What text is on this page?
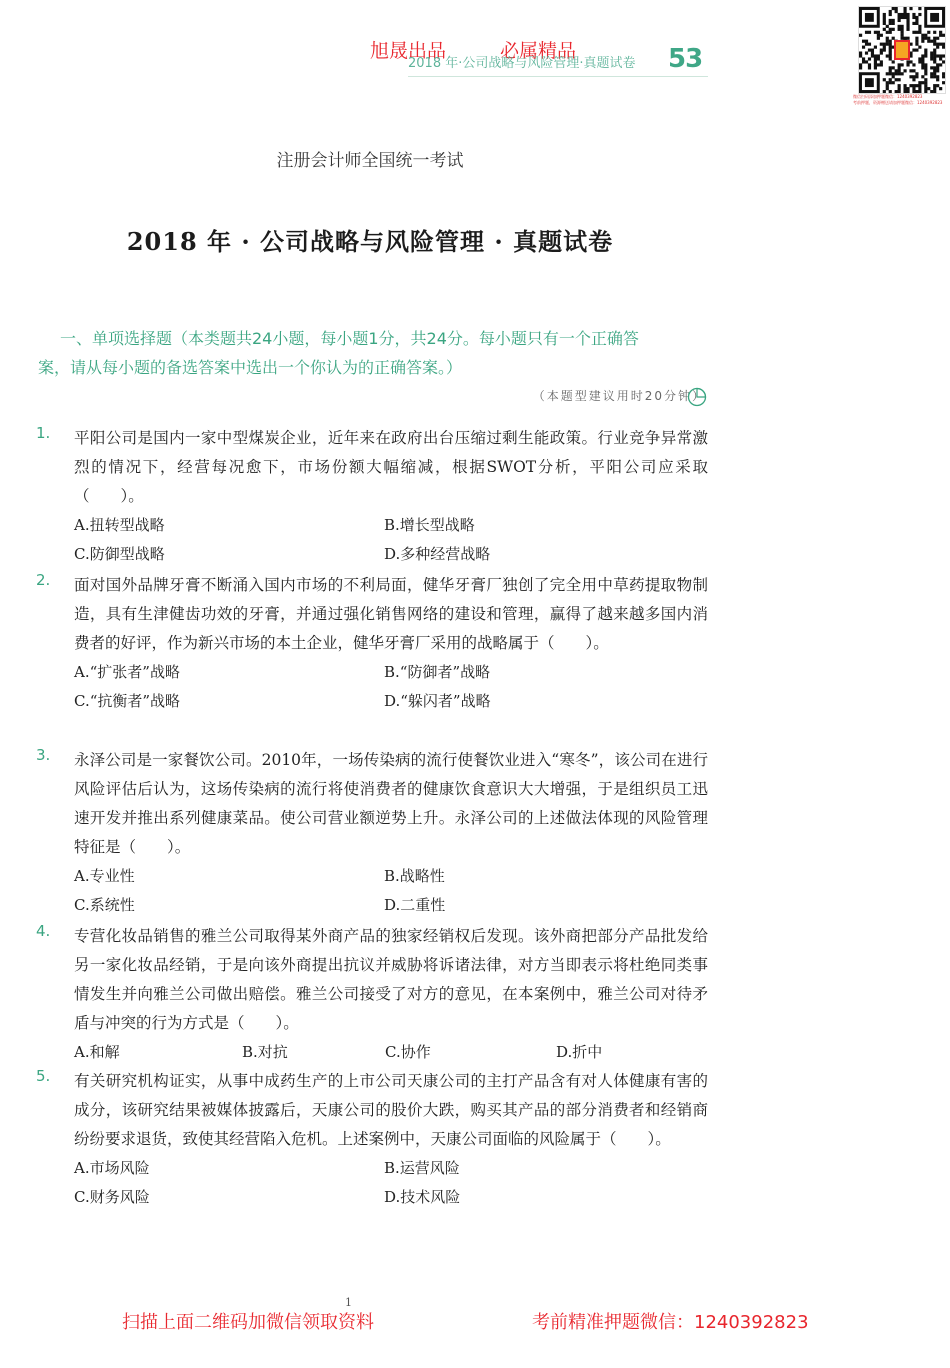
旭晟出品	必属精品
2018 年·公司战略与风险管理·真题试卷 53
微信扫码添加押题微信：1240392823
考前押题，资源赠送请加押题微信：1240392823
注册会计师全国统一考试
2018 年 · 公司战略与风险管理 · 真题试卷
一、单项选择题（本类题共24小题，每小题1分，共24分。每小题只有一个正确答
案，请从每小题的备选答案中选出一个你认为的正确答案。）
（本题型建议用时20分钟）
1. 平阳公司是国内一家中型煤炭企业，近年来在政府出台压缩过剩生能政策。行业竞争异常激烈的情况下，经营每况愈下，市场份额大幅缩减，根据SWOT分析，平阳公司应采取（　　）。
A.扭转型战略	B.增长型战略
C.防御型战略	D.多种经营战略
2. 面对国外品牌牙膏不断涌入国内市场的不利局面，健华牙膏厂独创了完全用中草药提取物制造，具有生津健齿功效的牙膏，并通过强化销售网络的建设和管理，赢得了越来越多国内消费者的好评，作为新兴市场的本土企业，健华牙膏厂采用的战略属于（　　）。
A.“扩张者”战略	B.“防御者”战略
C.“抗衡者”战略	D.“躲闪者”战略
3. 永泽公司是一家餐饮公司。2010年，一场传染病的流行使餐饮业进入“寒冬”，该公司在进行风险评估后认为，这场传染病的流行将使消费者的健康饮食意识大大增强，于是组织员工迅速开发并推出系列健康菜品。使公司营业额逆势上升。永泽公司的上述做法体现的风险管理特征是（　　）。
A.专业性	B.战略性
C.系统性	D.二重性
4. 专营化妆品销售的雅兰公司取得某外商产品的独家经销权后发现。该外商把部分产品批发给另一家化妆品经销，于是向该外商提出抗议并威胁将诉诸法律，对方当即表示将杜绝同类事情发生并向雅兰公司做出赔偿。雅兰公司接受了对方的意见，在本案例中，雅兰公司对待矛盾与冲突的行为方式是（　　）。
A.和解	B.对抗	C.协作	D.折中
5. 有关研究机构证实，从事中成药生产的上市公司天康公司的主打产品含有对人体健康有害的成分，该研究结果被媒体披露后，天康公司的股价大跌，购买其产品的部分消费者和经销商纷纷要求退货，致使其经营陷入危机。上述案例中，天康公司面临的风险属于（　　）。
A.市场风险	B.运营风险
C.财务风险	D.技术风险
1
扫描上面二维码加微信领取资料	考前精准押题微信：1240392823
